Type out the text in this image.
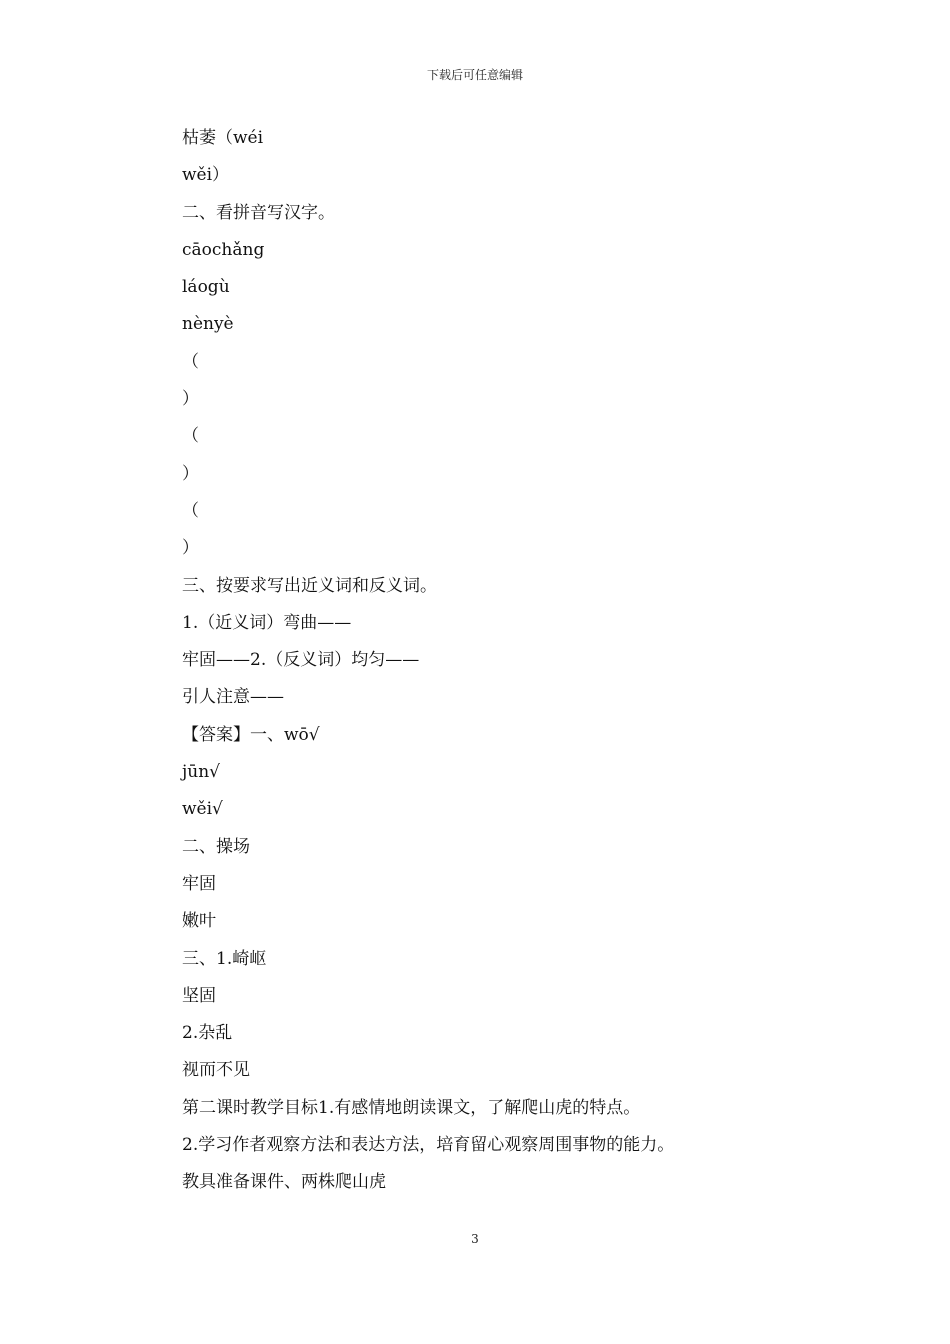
下载后可任意编辑
枯萎（wéi
wěi）
二、看拼音写汉字。
cāochǎng
láogù
nènyè
（
）
（
）
（
）
三、按要求写出近义词和反义词。
1.（近义词）弯曲——
牢固——2.（反义词）均匀——
引人注意——
【答案】一、wō√
jūn√
wěi√
二、操场
牢固
嫩叶
三、1.崎岖
坚固
2.杂乱
视而不见
第二课时教学目标1.有感情地朗读课文，了解爬山虎的特点。
2.学习作者观察方法和表达方法，培育留心观察周围事物的能力。
教具准备课件、两株爬山虎
3
